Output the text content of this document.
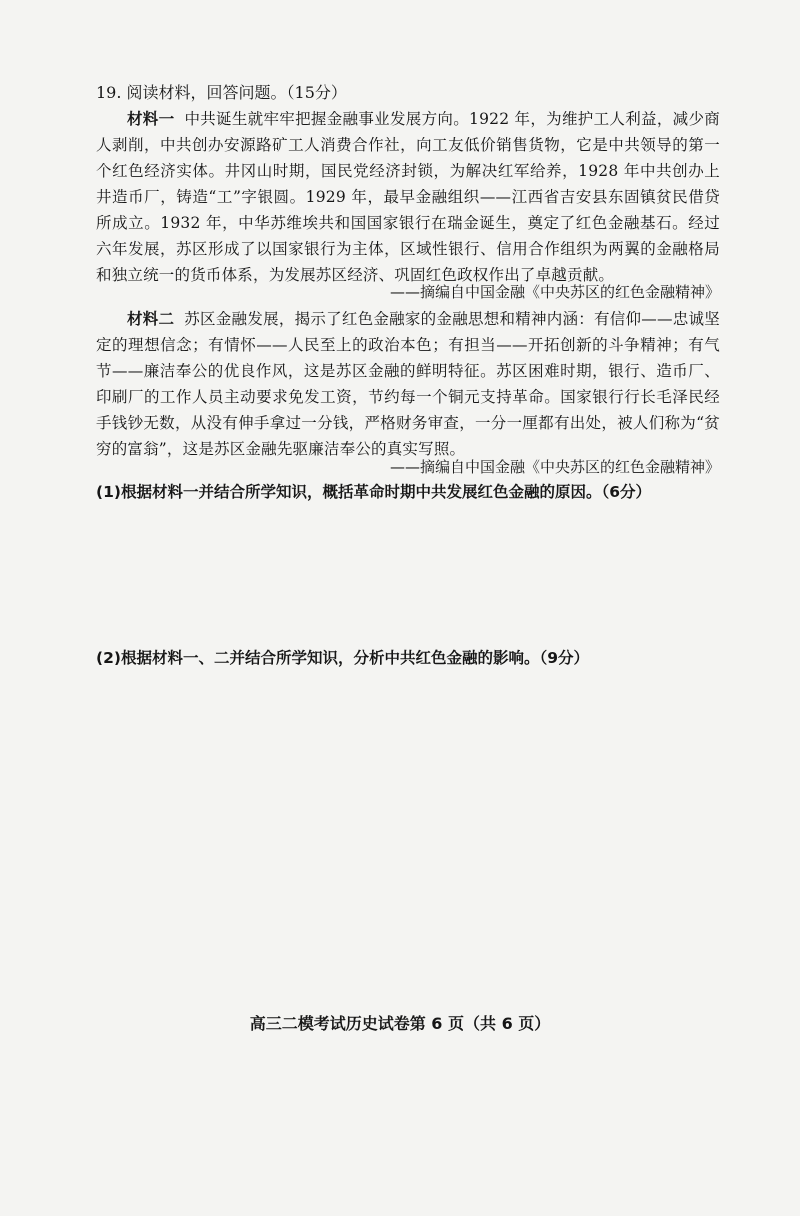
19. 阅读材料，回答问题。（15分）
材料一 中共诞生就牢牢把握金融事业发展方向。1922 年，为维护工人利益，减少商人剥削，中共创办安源路矿工人消费合作社，向工友低价销售货物，它是中共领导的第一个红色经济实体。井冈山时期，国民党经济封锁，为解决红军给养，1928 年中共创办上井造币厂，铸造“工”字银圆。1929 年，最早金融组织——江西省吉安县东固镇贫民借贷所成立。1932 年，中华苏维埃共和国国家银行在瑞金诞生，奠定了红色金融基石。经过六年发展，苏区形成了以国家银行为主体，区域性银行、信用合作组织为两翼的金融格局和独立统一的货币体系，为发展苏区经济、巩固红色政权作出了卓越贡献。
——摘编自中国金融《中央苏区的红色金融精神》
材料二 苏区金融发展，揭示了红色金融家的金融思想和精神内涵：有信仰——忠诚坚定的理想信念；有情怀——人民至上的政治本色；有担当——开拓创新的斗争精神；有气节——廉洁奉公的优良作风，这是苏区金融的鲜明特征。苏区困难时期，银行、造币厂、印刷厂的工作人员主动要求免发工资，节约每一个铜元支持革命。国家银行行长毛泽民经手钱钞无数，从没有伸手拿过一分钱，严格财务审查，一分一厘都有出处，被人们称为“贫穷的富翁”，这是苏区金融先驱廉洁奉公的真实写照。
——摘编自中国金融《中央苏区的红色金融精神》
(1)根据材料一并结合所学知识，概括革命时期中共发展红色金融的原因。（6分）
(2)根据材料一、二并结合所学知识，分析中共红色金融的影响。（9分）
高三二模考试历史试卷第 6 页（共 6 页）
